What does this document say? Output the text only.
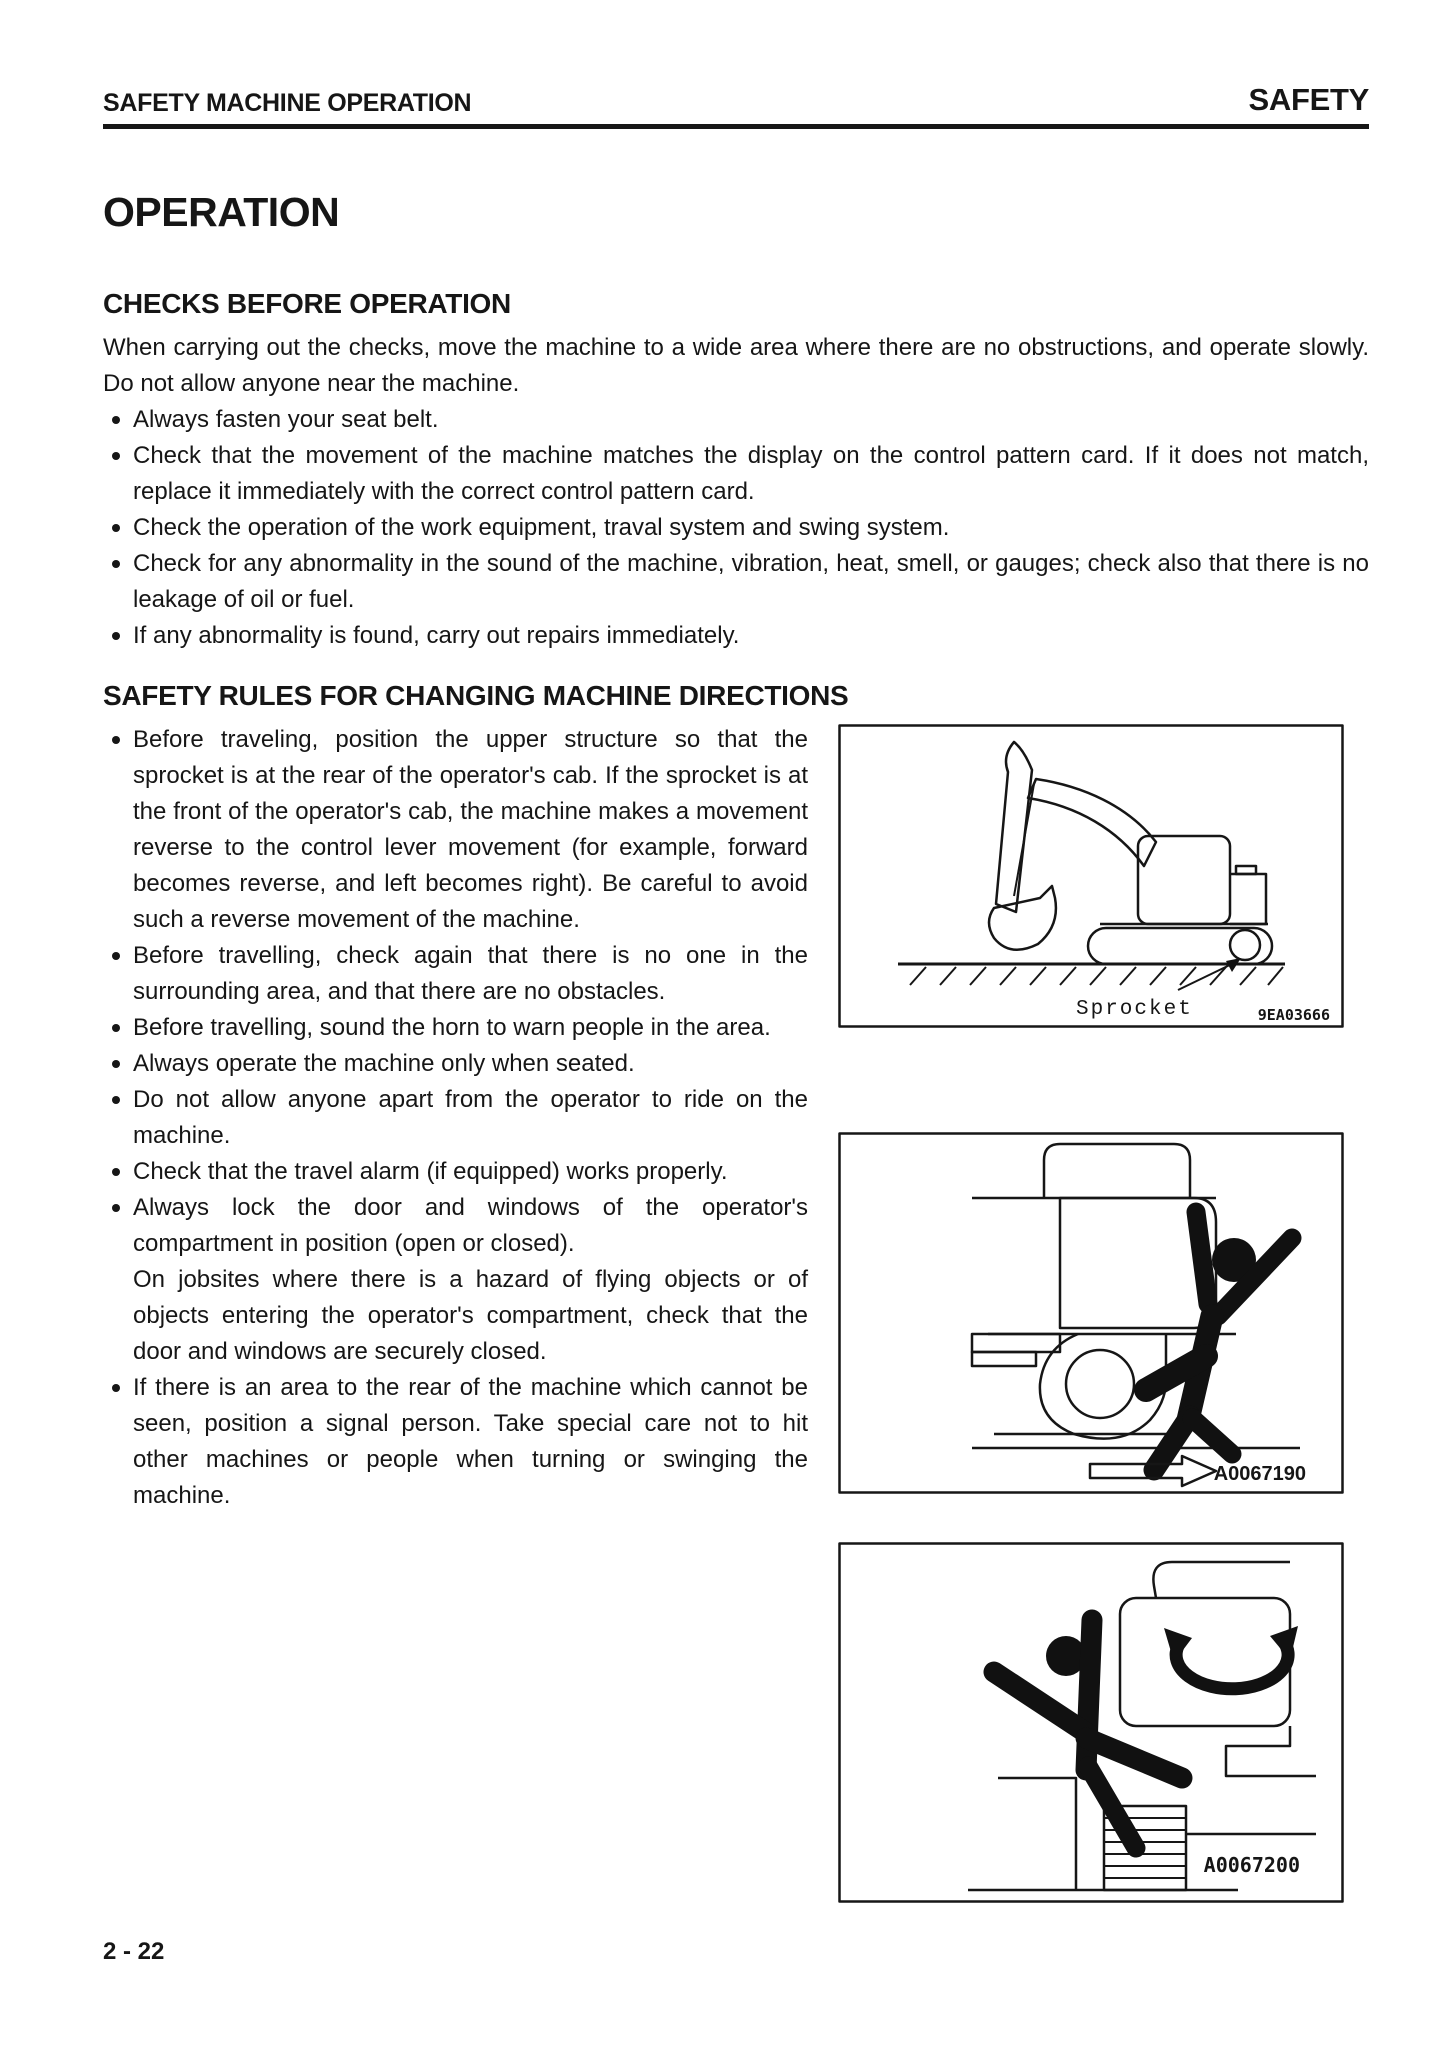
SAFETY MACHINE OPERATION	SAFETY
OPERATION
CHECKS BEFORE OPERATION

When carrying out the checks, move the machine to a wide area where there are no obstructions, and operate slowly. Do not allow anyone near the machine.

Always fasten your seat belt.
Check that the movement of the machine matches the display on the control pattern card. If it does not match, replace it immediately with the correct control pattern card.
Check the operation of the work equipment, traval system and swing system.
Check for any abnormality in the sound of the machine, vibration, heat, smell, or gauges; check also that there is no leakage of oil or fuel.
If any abnormality is found, carry out repairs immediately.
SAFETY RULES FOR CHANGING MACHINE DIRECTIONS
Before traveling, position the upper structure so that the sprocket is at the rear of the operator's cab. If the sprocket is at the front of the operator's cab, the machine makes a movement reverse to the control lever movement (for example, forward becomes reverse, and left becomes right). Be careful to avoid such a reverse movement of the machine.
Before travelling, check again that there is no one in the surrounding area, and that there are no obstacles.
Before travelling, sound the horn to warn people in the area.
Always operate the machine only when seated.
Do not allow anyone apart from the operator to ride on the machine.
Check that the travel alarm (if equipped) works properly.
Always lock the door and windows of the operator's compartment in position (open or closed).
On jobsites where there is a hazard of flying objects or of objects entering the operator's compartment, check that the door and windows are securely closed.
If there is an area to the rear of the machine which cannot be seen, position a signal person. Take special care not to hit other machines or people when turning or swinging the machine.
Sprocket	9EA03666
A0067190
A0067200
2 - 22
